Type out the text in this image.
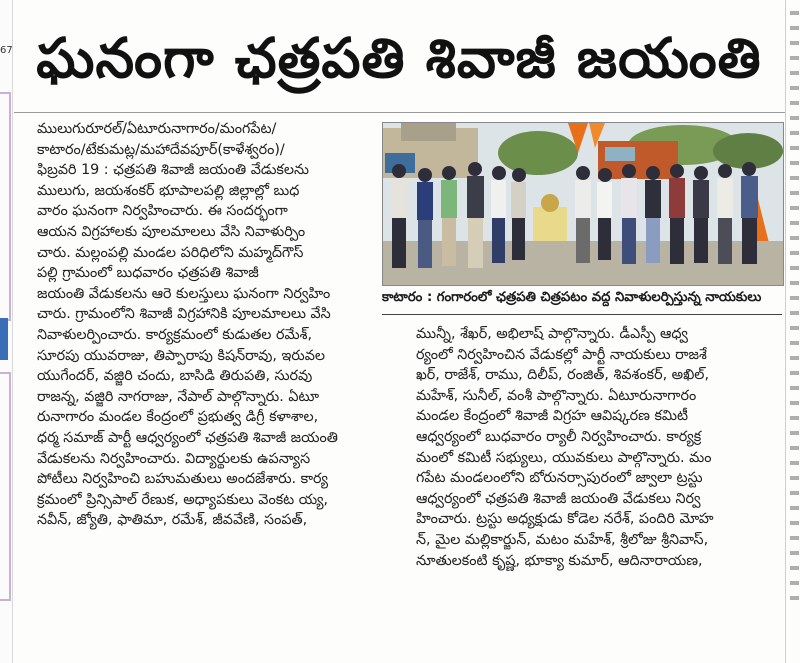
67 ఘనంగా ఛత్రపతి శివాజీ జయంతి
ములుగురూరల్/ఏటూరునాగారం/మంగపేట/
కాటారం/టేకుమట్ల/మహాదేవపూర్(కాళేశ్వరం)/
ఫిబ్రవరి 19 : ఛత్రపతి శివాజీ జయంతి వేడుకలను
ములుగు, జయశంకర్ భూపాలపల్లి జిల్లాల్లో బుధ
వారం ఘనంగా నిర్వహించారు. ఈ సందర్భంగా
ఆయన విగ్రహాలకు పూలమాలలు వేసి నివాళుర్పిం
చారు. మల్లంపల్లి మండల పరిధిలోని మహ్మద్‌గౌస్
పల్లి గ్రామంలో బుధవారం ఛత్రపతి శివాజీ
జయంతి వేడుకలను ఆరె కులస్తులు ఘనంగా నిర్వహిం
చారు. గ్రామంలోని శివాజీ విగ్రహానికి పూలమాలలు వేసి
నివాళులర్పించారు. కార్యక్రమంలో కుడుతల రమేశ్,
సూరపు యువరాజు, తిప్పారాపు కిషన్‌రావు, ఇరువల
యుగేందర్, వజ్జిరి చందు, బాసిడి తిరుపతి, సురవు
రాజన్న, వజ్జిరి నాగరాజు, నేపాల్ పాల్గొన్నారు. ఏటూ
రునాగారం మండల కేంద్రంలో ప్రభుత్వ డిగ్రీ కళాశాల,
ధర్మ సమాజ్ పార్టీ ఆధ్వర్యంలో ఛత్రపతి శివాజీ జయంతి
వేడుకలను నిర్వహించారు. విద్యార్థులకు ఉపన్యాస
పోటీలు నిర్వహించి బహుమతులు అందజేశారు. కార్య
క్రమంలో ప్రిన్సిపాల్ రేణుక, అధ్యాపకులు వెంకట య్య,
నవీన్, జ్యోతి, ఫాతిమా, రమేశ్, జీవవేణి, సంపత్,
కాటారం : గంగారంలో ఛత్రపతి చిత్రపటం వద్ద నివాళులర్పిస్తున్న నాయకులు
మున్నీ, శేఖర్, అభిలాష్ పాల్గొన్నారు. డీఎస్పీ ఆధ్వ
ర్యంలో నిర్వహించిన వేడుకల్లో పార్టీ నాయకులు రాజశే
ఖర్, రాజేశ్, రాము, దిలీప్, రంజిత్, శివశంకర్, అఖిల్,
మహేశ్, సునీల్, వంశీ పాల్గొన్నారు. ఏటూరునాగారం
మండల కేంద్రంలో శివాజీ విగ్రహ ఆవిష్కరణ కమిటీ
ఆధ్వర్యంలో బుధవారం ర్యాలీ నిర్వహించారు. కార్యక్ర
మంలో కమిటీ సభ్యులు, యువకులు పాల్గొన్నారు. మం
గపేట మండలంలోని బోరునర్సాపురంలో జ్వాలా ట్రస్టు
ఆధ్వర్యంలో ఛత్రపతి శివాజీ జయంతి వేడుకలు నిర్వ
హించారు. ట్రస్టు అధ్యక్షుడు కోడెల నరేశ్, పందిరి మోహ
న్, మైల మల్లికార్జున్, మటం మహేశ్, శ్రీలోజు శ్రీనివాస్,
నూతులకంటి కృష్ణ, భూక్యా కుమార్, ఆదినారాయణ,
